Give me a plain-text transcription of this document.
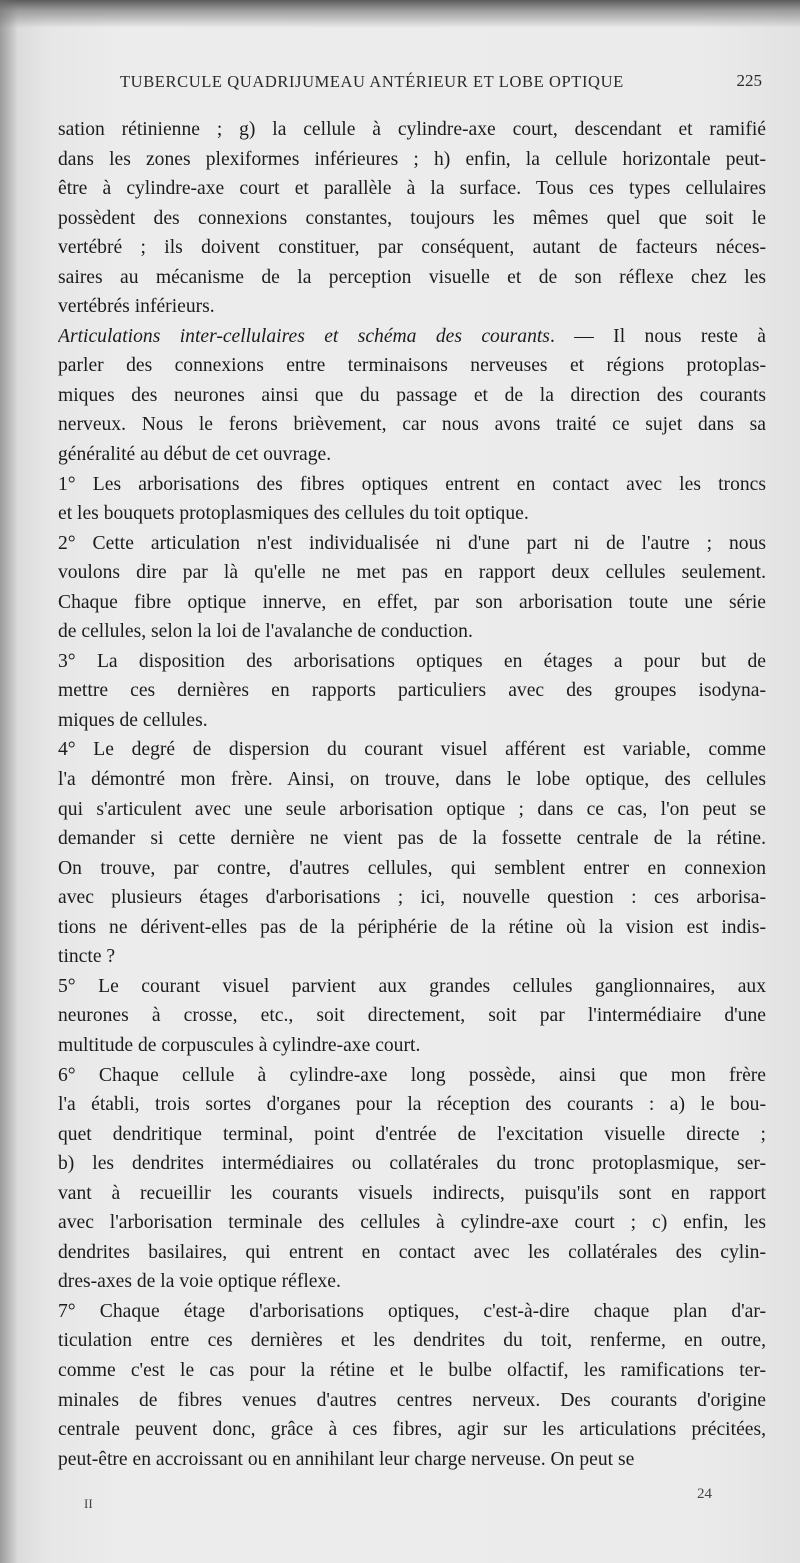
TUBERCULE QUADRIJUMEAU ANTÉRIEUR ET LOBE OPTIQUE	225
sation rétinienne ; g) la cellule à cylindre-axe court, descendant et ramifié
dans les zones plexiformes inférieures ; h) enfin, la cellule horizontale peut-
être à cylindre-axe court et parallèle à la surface. Tous ces types cellulaires
possèdent des connexions constantes, toujours les mêmes quel que soit le
vertébré ; ils doivent constituer, par conséquent, autant de facteurs néces-
saires au mécanisme de la perception visuelle et de son réflexe chez les
vertébrés inférieurs.
Articulations inter-cellulaires et schéma des courants. — Il nous reste à
parler des connexions entre terminaisons nerveuses et régions protoplas-
miques des neurones ainsi que du passage et de la direction des courants
nerveux. Nous le ferons brièvement, car nous avons traité ce sujet dans sa
généralité au début de cet ouvrage.
1° Les arborisations des fibres optiques entrent en contact avec les troncs
et les bouquets protoplasmiques des cellules du toit optique.
2° Cette articulation n'est individualisée ni d'une part ni de l'autre ; nous
voulons dire par là qu'elle ne met pas en rapport deux cellules seulement.
Chaque fibre optique innerve, en effet, par son arborisation toute une série
de cellules, selon la loi de l'avalanche de conduction.
3° La disposition des arborisations optiques en étages a pour but de
mettre ces dernières en rapports particuliers avec des groupes isodyna-
miques de cellules.
4° Le degré de dispersion du courant visuel afférent est variable, comme
l'a démontré mon frère. Ainsi, on trouve, dans le lobe optique, des cellules
qui s'articulent avec une seule arborisation optique ; dans ce cas, l'on peut se
demander si cette dernière ne vient pas de la fossette centrale de la rétine.
On trouve, par contre, d'autres cellules, qui semblent entrer en connexion
avec plusieurs étages d'arborisations ; ici, nouvelle question : ces arborisa-
tions ne dérivent-elles pas de la périphérie de la rétine où la vision est indis-
tincte ?
5° Le courant visuel parvient aux grandes cellules ganglionnaires, aux
neurones à crosse, etc., soit directement, soit par l'intermédiaire d'une
multitude de corpuscules à cylindre-axe court.
6° Chaque cellule à cylindre-axe long possède, ainsi que mon frère
l'a établi, trois sortes d'organes pour la réception des courants : a) le bou-
quet dendritique terminal, point d'entrée de l'excitation visuelle directe ;
b) les dendrites intermédiaires ou collatérales du tronc protoplasmique, ser-
vant à recueillir les courants visuels indirects, puisqu'ils sont en rapport
avec l'arborisation terminale des cellules à cylindre-axe court ; c) enfin, les
dendrites basilaires, qui entrent en contact avec les collatérales des cylin-
dres-axes de la voie optique réflexe.
7° Chaque étage d'arborisations optiques, c'est-à-dire chaque plan d'ar-
ticulation entre ces dernières et les dendrites du toit, renferme, en outre,
comme c'est le cas pour la rétine et le bulbe olfactif, les ramifications ter-
minales de fibres venues d'autres centres nerveux. Des courants d'origine
centrale peuvent donc, grâce à ces fibres, agir sur les articulations précitées,
peut-être en accroissant ou en annihilant leur charge nerveuse. On peut se
II
24
